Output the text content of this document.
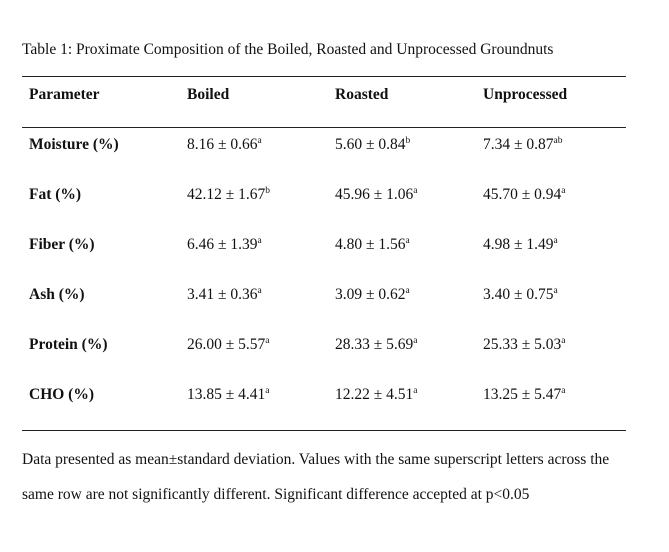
Table 1: Proximate Composition of the Boiled, Roasted and Unprocessed Groundnuts
Parameter	Boiled	Roasted	Unprocessed
Moisture (%)	8.16 ± 0.66$^a$	5.60 ± 0.84$^b$	7.34 ± 0.87$^{ab}$
Fat (%)	42.12 ± 1.67$^b$	45.96 ± 1.06$^a$	45.70 ± 0.94$^a$
Fiber (%)	6.46 ± 1.39$^a$	4.80 ± 1.56$^a$	4.98 ± 1.49$^a$
Ash (%)	3.41 ± 0.36$^a$	3.09 ± 0.62$^a$	3.40 ± 0.75$^a$
Protein (%)	26.00 ± 5.57$^a$	28.33 ± 5.69$^a$	25.33 ± 5.03$^a$
CHO (%)	13.85 ± 4.41$^a$	12.22 ± 4.51$^a$	13.25 ± 5.47$^a$
Data presented as mean±standard deviation. Values with the same superscript letters across the
same row are not significantly different. Significant difference accepted at p<0.05
